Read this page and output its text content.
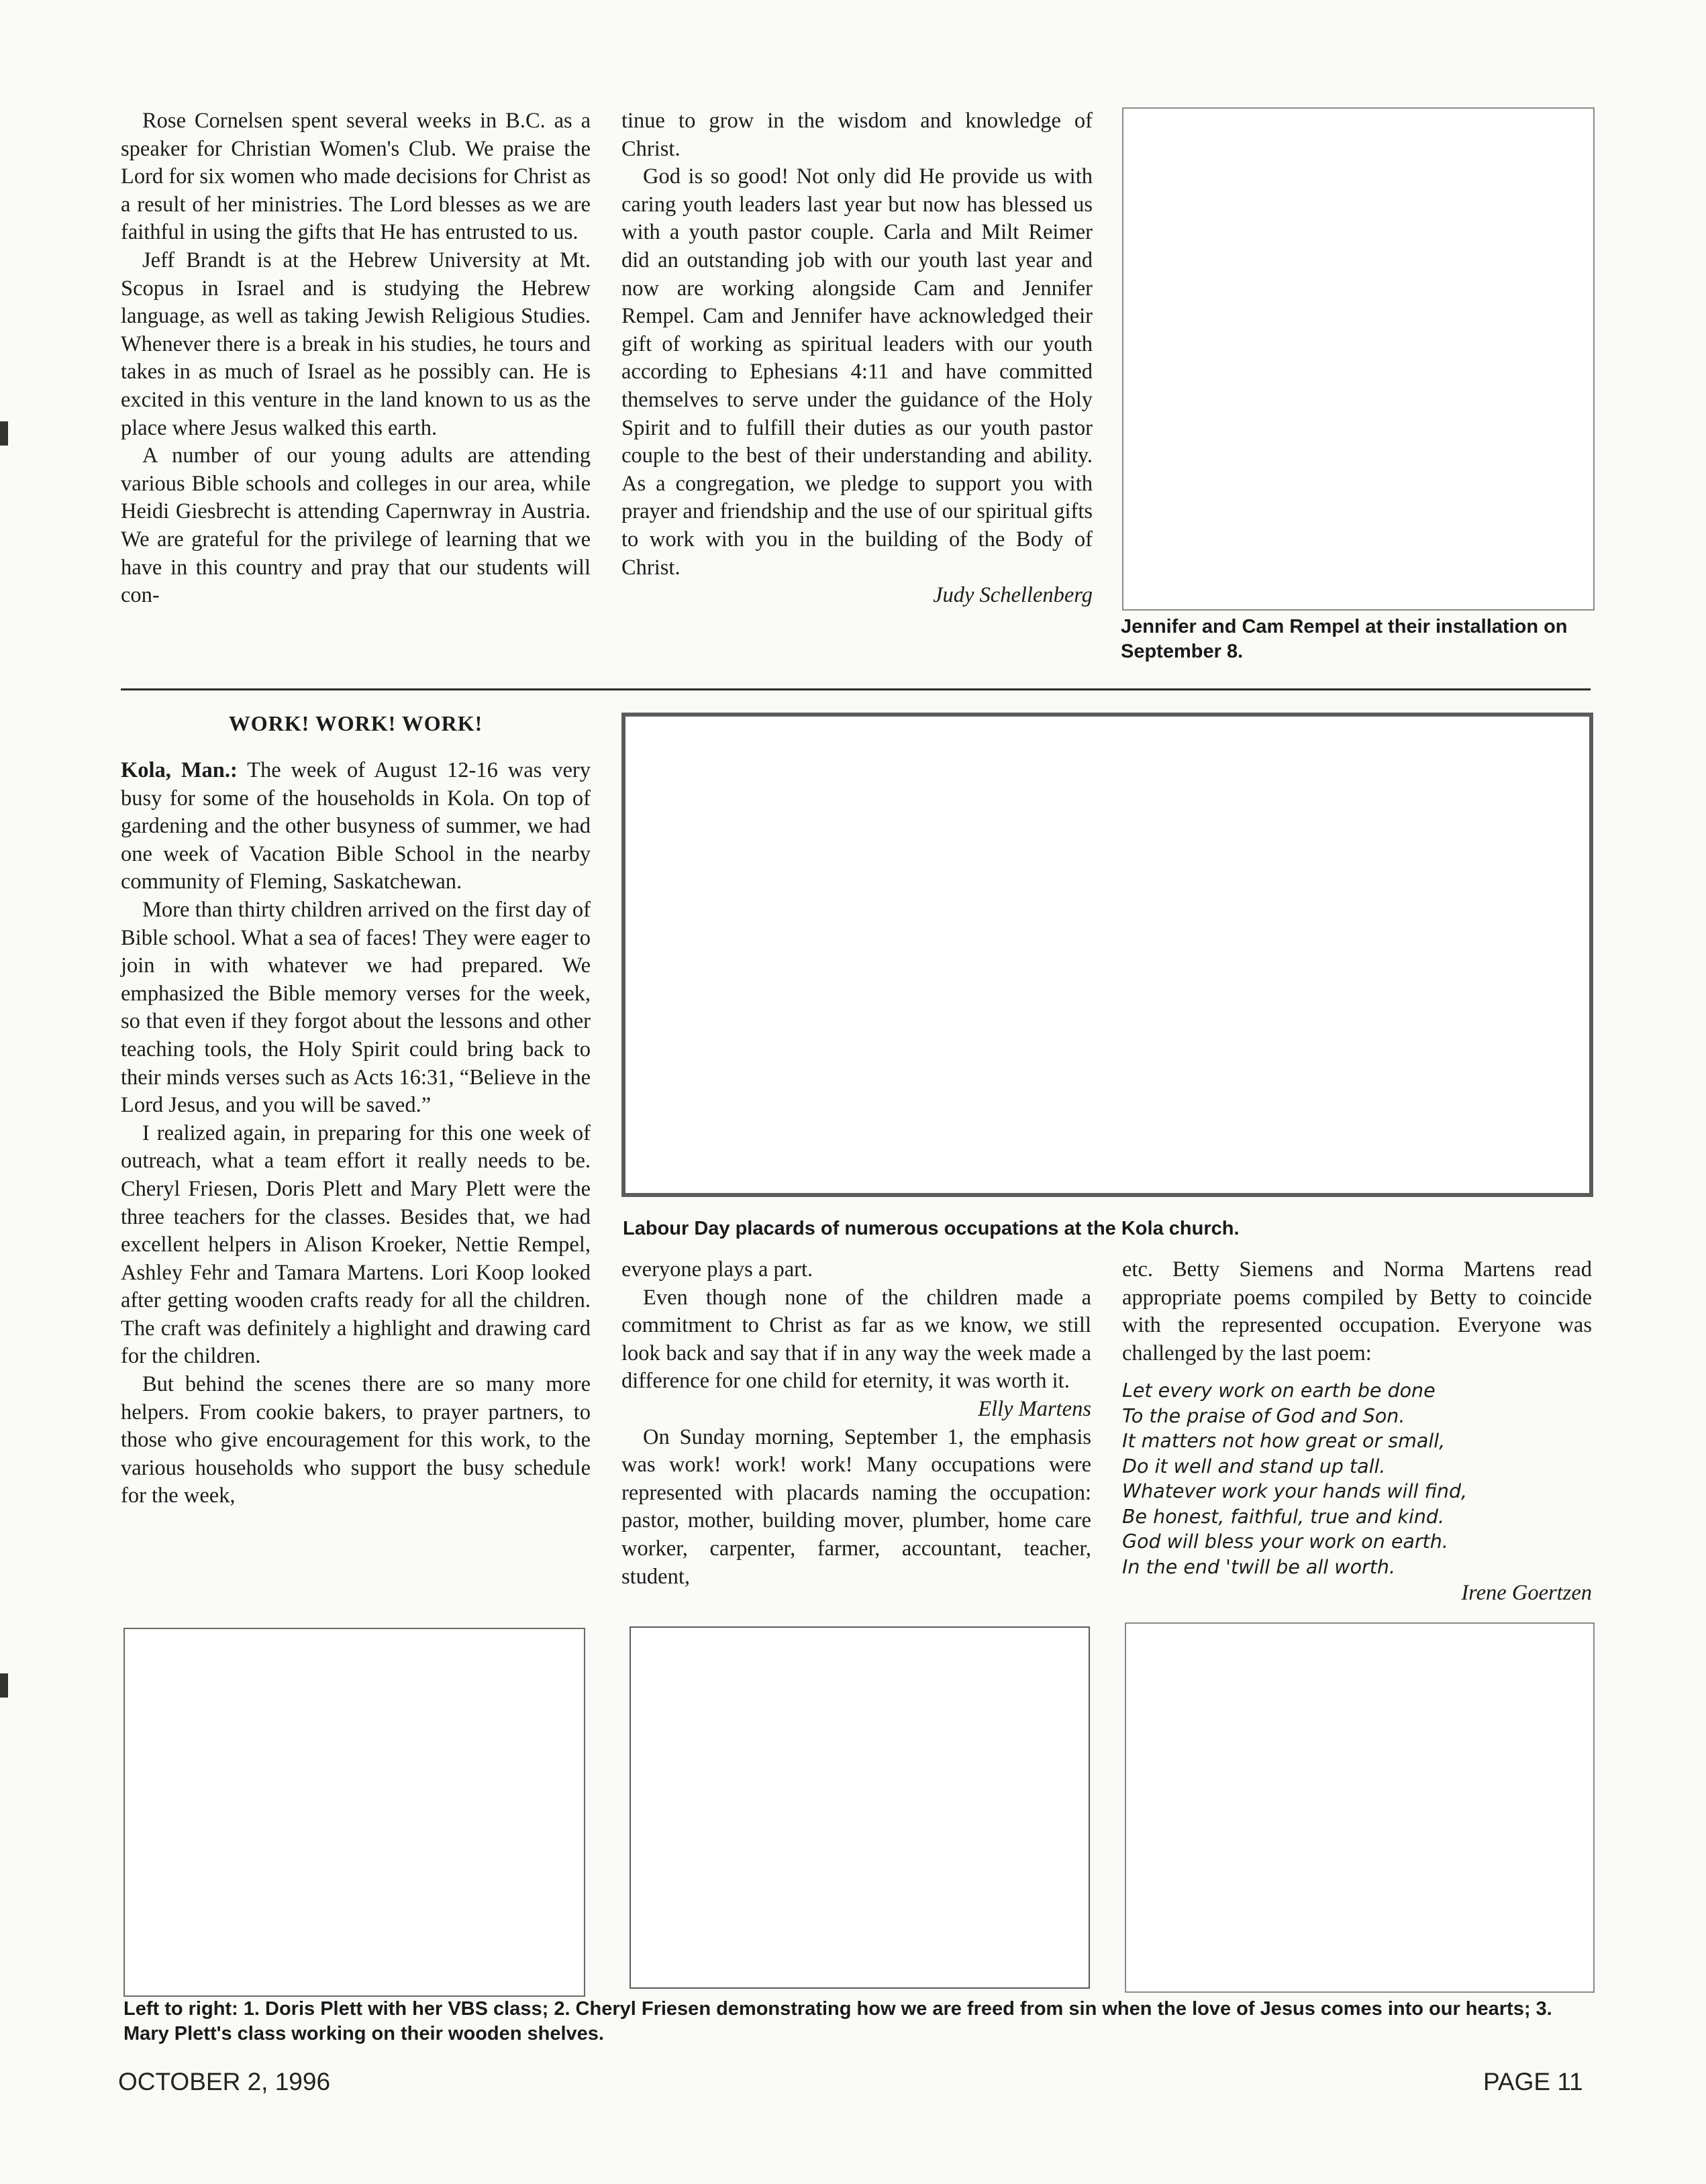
Rose Cornelsen spent several weeks in B.C. as a speaker for Christian Women's Club. We praise the Lord for six women who made decisions for Christ as a result of her ministries. The Lord blesses as we are faithful in using the gifts that He has entrusted to us.

Jeff Brandt is at the Hebrew University at Mt. Scopus in Israel and is studying the Hebrew language, as well as taking Jewish Religious Studies. Whenever there is a break in his studies, he tours and takes in as much of Israel as he possibly can. He is excited in this venture in the land known to us as the place where Jesus walked this earth.

A number of our young adults are attending various Bible schools and colleges in our area, while Heidi Giesbrecht is attending Capernwray in Austria. We are grateful for the privilege of learning that we have in this country and pray that our students will con-

tinue to grow in the wisdom and knowledge of Christ.

God is so good! Not only did He provide us with caring youth leaders last year but now has blessed us with a youth pastor couple. Carla and Milt Reimer did an outstanding job with our youth last year and now are working alongside Cam and Jennifer Rempel. Cam and Jennifer have acknowledged their gift of working as spiritual leaders with our youth according to Ephesians 4:11 and have committed themselves to serve under the guidance of the Holy Spirit and to fulfill their duties as our youth pastor couple to the best of their understanding and ability. As a congregation, we pledge to support you with prayer and friendship and the use of our spiritual gifts to work with you in the building of the Body of Christ.

Judy Schellenberg

Jennifer and Cam Rempel at their installation on September 8.
WORK! WORK! WORK!

Kola, Man.: The week of August 12-16 was very busy for some of the households in Kola. On top of gardening and the other busyness of summer, we had one week of Vacation Bible School in the nearby community of Fleming, Saskatchewan.

More than thirty children arrived on the first day of Bible school. What a sea of faces! They were eager to join in with whatever we had prepared. We emphasized the Bible memory verses for the week, so that even if they forgot about the lessons and other teaching tools, the Holy Spirit could bring back to their minds verses such as Acts 16:31, “Believe in the Lord Jesus, and you will be saved.”

I realized again, in preparing for this one week of outreach, what a team effort it really needs to be. Cheryl Friesen, Doris Plett and Mary Plett were the three teachers for the classes. Besides that, we had excellent helpers in Alison Kroeker, Nettie Rempel, Ashley Fehr and Tamara Martens. Lori Koop looked after getting wooden crafts ready for all the children. The craft was definitely a highlight and drawing card for the children.

But behind the scenes there are so many more helpers. From cookie bakers, to prayer partners, to those who give encouragement for this work, to the various households who support the busy schedule for the week,

Labour Day placards of numerous occupations at the Kola church.

everyone plays a part.

Even though none of the children made a commitment to Christ as far as we know, we still look back and say that if in any way the week made a difference for one child for eternity, it was worth it.

Elly Martens

On Sunday morning, September 1, the emphasis was work! work! work! Many occupations were represented with placards naming the occupation: pastor, mother, building mover, plumber, home care worker, carpenter, farmer, accountant, teacher, student,

etc. Betty Siemens and Norma Martens read appropriate poems compiled by Betty to coincide with the represented occupation. Everyone was challenged by the last poem:

Let every work on earth be done
To the praise of God and Son.
It matters not how great or small,
Do it well and stand up tall.
Whatever work your hands will find,
Be honest, faithful, true and kind.
God will bless your work on earth.
In the end 'twill be all worth.

Irene Goertzen

Left to right: 1. Doris Plett with her VBS class; 2. Cheryl Friesen demonstrating how we are freed from sin when the love of Jesus comes into our hearts; 3. Mary Plett's class working on their wooden shelves.
OCTOBER 2, 1996	PAGE 11
